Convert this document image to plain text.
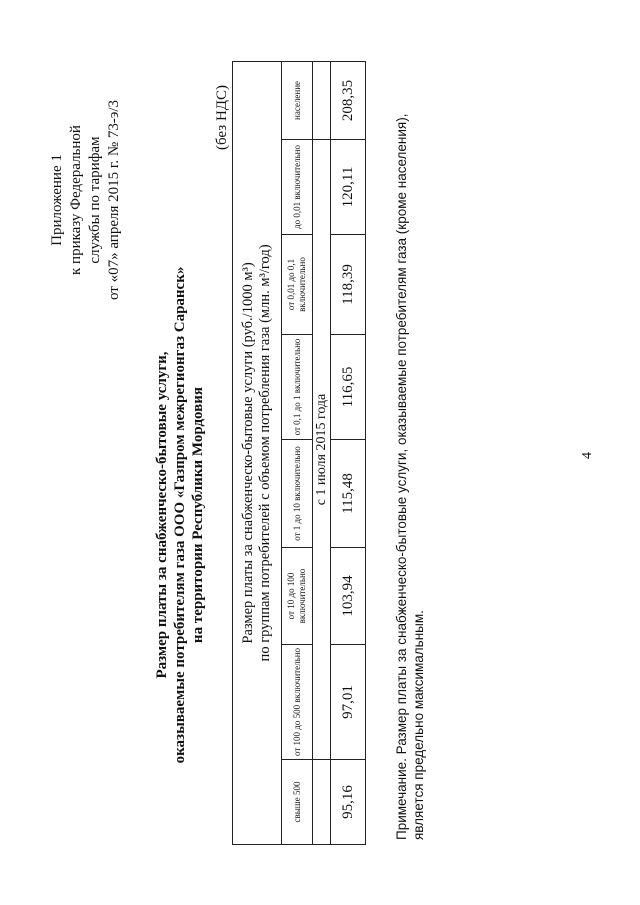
Приложение 1 к приказу Федеральной службы по тарифам от «07» апреля 2015 г. № 73-э/3
Размер платы за снабженческо-бытовые услуги, оказываемые потребителям газа ООО «Газпром межрегионгаз Саранск» на территории Республики Мордовия
(без НДС)
Размер платы за снабженческо-бытовые услуги (руб./1000 м³) по группам потребителей с объемом потребления газа (млн. м³/год)							

свыше 500	от 100 до 500 включительно	от 10 до 100 включительно	от 1 до 10 включительно	от 0,1 до 1 включительно	от 0,01 до 0,1 включительно	до 0,01 включительно	население
	с 1 июля 2015 года						
95,16	97,01	103,94	115,48	116,65	118,39	120,11	208,35
4
Примечание. Размер платы за снабженческо-бытовые услуги, оказываемые потребителям газа (кроме населения), является предельно максимальным.
